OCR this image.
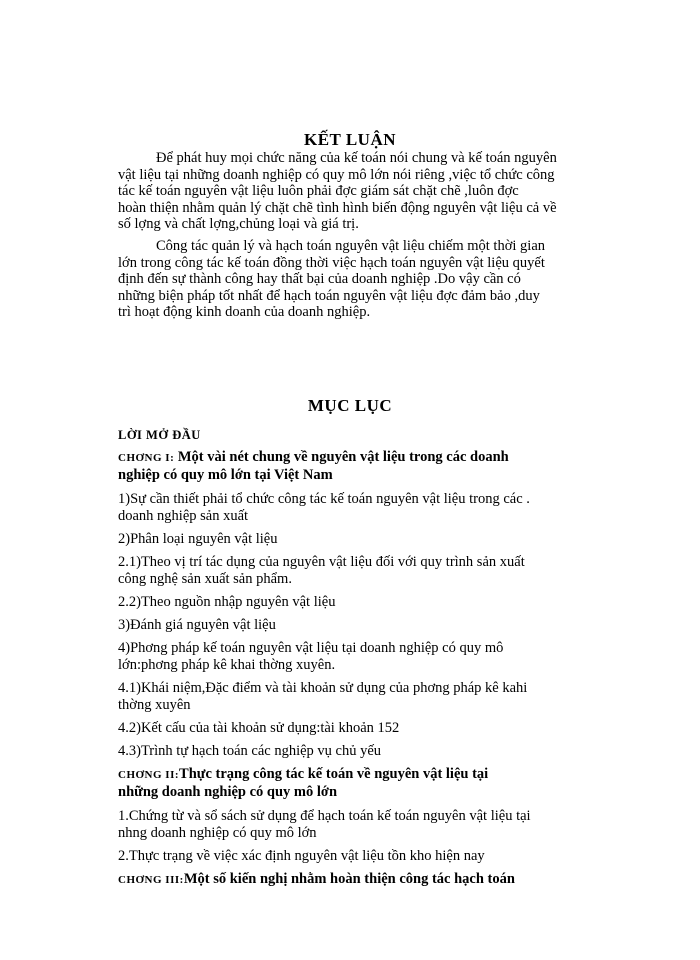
KẾT LUẬN
Để phát huy mọi chức năng của kế toán nói chung và kế toán nguyên
vật liệu tại những doanh nghiệp có quy mô lớn nói riêng ,việc tổ chức công
tác kế toán nguyên vật liệu luôn phải đợc giám sát chặt chẽ ,luôn đợc
hoàn thiện nhằm quản lý chặt chẽ tình hình biến động nguyên vật liệu cả về
số lợng và chất lợng,chủng loại và giá trị.
Công tác quản lý và hạch toán nguyên vật liệu chiếm một thời gian
lớn trong công tác kế toán đồng thời việc hạch toán nguyên vật liệu quyết
định đến sự thành công hay thất bại của doanh nghiệp .Do vậy cần có
những biện pháp tốt nhất để hạch toán nguyên vật liệu đợc đảm bảo ,duy
trì hoạt động kinh doanh của doanh nghiệp.
MỤC LỤC
LỜI MỞ ĐẦU
CHƠNG I: Một vài nét chung về nguyên vật liệu trong các doanh
nghiệp có quy mô lớn tại Việt Nam
1)Sự cần thiết phải tổ chức công tác kế toán nguyên vật liệu trong các .
doanh nghiệp sản xuất
2)Phân loại nguyên vật liệu
2.1)Theo vị trí tác dụng của nguyên vật liệu đối với quy trình sản xuất
công nghệ sản xuất sản phẩm.
2.2)Theo nguồn nhập nguyên vật liệu
3)Đánh giá nguyên vật liệu
4)Phơng pháp kế toán nguyên vật liệu tại doanh nghiệp có quy mô
lớn:phơng pháp kê khai thờng xuyên.
4.1)Khái niệm,Đặc điểm và tài khoản sử dụng của phơng pháp kê kahi
thờng xuyên
4.2)Kết cấu của tài khoản sử dụng:tài khoản 152
4.3)Trình tự hạch toán các nghiệp vụ chủ yếu
CHƠNG II:Thực trạng công tác kế toán về nguyên vật liệu tại
những doanh nghiệp có quy mô lớn
1.Chứng từ và sổ sách sử dụng để hạch toán kế toán nguyên vật liệu tại
nhng doanh nghiệp có quy mô lớn
2.Thực trạng về việc xác định nguyên vật liệu tồn kho hiện nay
CHƠNG III:Một số kiến nghị nhằm hoàn thiện công tác hạch toán
